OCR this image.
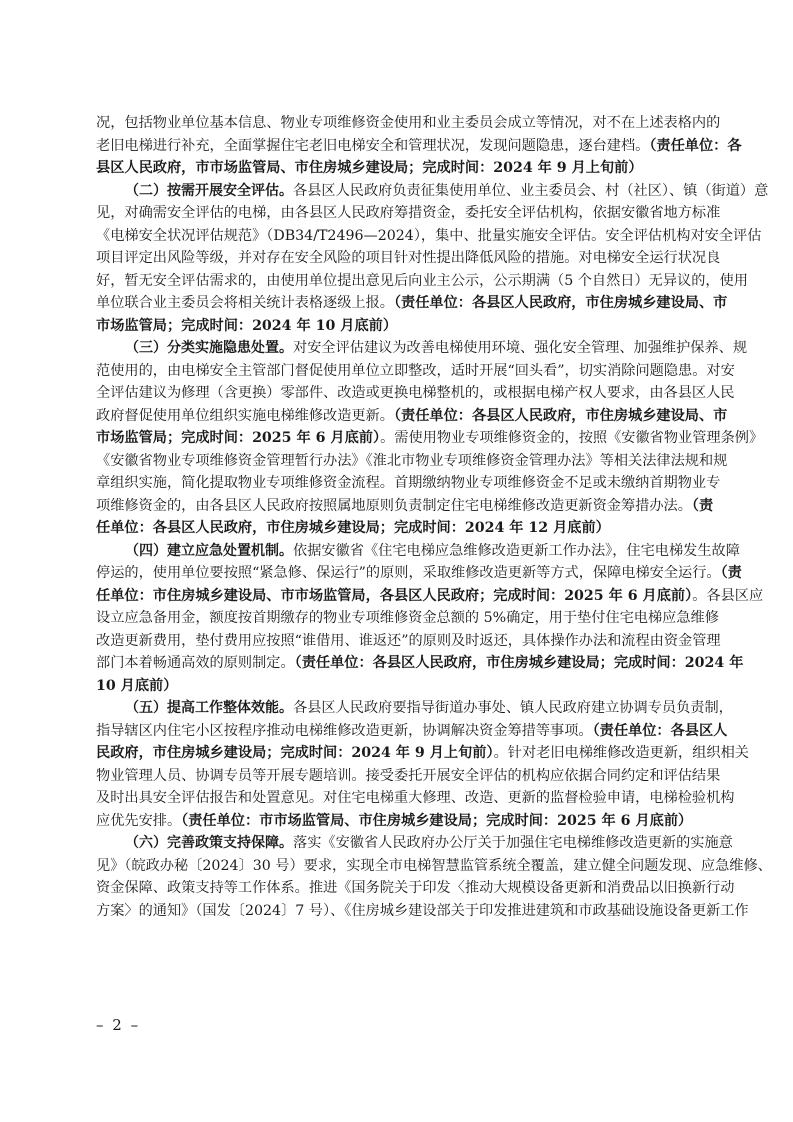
况，包括物业单位基本信息、物业专项维修资金使用和业主委员会成立等情况，对不在上述表格内的
老旧电梯进行补充，全面掌握住宅老旧电梯安全和管理状况，发现问题隐患，逐台建档。（责任单位：各
县区人民政府，市市场监管局、市住房城乡建设局；完成时间：2024 年 9 月上旬前）
（二）按需开展安全评估。各县区人民政府负责征集使用单位、业主委员会、村（社区）、镇（街道）意
见，对确需安全评估的电梯，由各县区人民政府筹措资金，委托安全评估机构，依据安徽省地方标准
《电梯安全状况评估规范》（DB34/T2496—2024），集中、批量实施安全评估。安全评估机构对安全评估
项目评定出风险等级，并对存在安全风险的项目针对性提出降低风险的措施。对电梯安全运行状况良
好，暂无安全评估需求的，由使用单位提出意见后向业主公示，公示期满（5 个自然日）无异议的，使用
单位联合业主委员会将相关统计表格逐级上报。（责任单位：各县区人民政府，市住房城乡建设局、市
市场监管局；完成时间：2024 年 10 月底前）
（三）分类实施隐患处置。对安全评估建议为改善电梯使用环境、强化安全管理、加强维护保养、规
范使用的，由电梯安全主管部门督促使用单位立即整改，适时开展“回头看”，切实消除问题隐患。对安
全评估建议为修理（含更换）零部件、改造或更换电梯整机的，或根据电梯产权人要求，由各县区人民
政府督促使用单位组织实施电梯维修改造更新。（责任单位：各县区人民政府，市住房城乡建设局、市
市场监管局；完成时间：2025 年 6 月底前）。需使用物业专项维修资金的，按照《安徽省物业管理条例》
《安徽省物业专项维修资金管理暂行办法》《淮北市物业专项维修资金管理办法》等相关法律法规和规
章组织实施，简化提取物业专项维修资金流程。首期缴纳物业专项维修资金不足或未缴纳首期物业专
项维修资金的，由各县区人民政府按照属地原则负责制定住宅电梯维修改造更新资金筹措办法。（责
任单位：各县区人民政府，市住房城乡建设局；完成时间：2024 年 12 月底前）
（四）建立应急处置机制。依据安徽省《住宅电梯应急维修改造更新工作办法》，住宅电梯发生故障
停运的，使用单位要按照“紧急修、保运行”的原则，采取维修改造更新等方式，保障电梯安全运行。（责
任单位：市住房城乡建设局、市市场监管局，各县区人民政府；完成时间：2025 年 6 月底前）。各县区应
设立应急备用金，额度按首期缴存的物业专项维修资金总额的 5%确定，用于垫付住宅电梯应急维修
改造更新费用，垫付费用应按照“谁借用、谁返还”的原则及时返还，具体操作办法和流程由资金管理
部门本着畅通高效的原则制定。（责任单位：各县区人民政府，市住房城乡建设局；完成时间：2024 年
10 月底前）
（五）提高工作整体效能。各县区人民政府要指导街道办事处、镇人民政府建立协调专员负责制，
指导辖区内住宅小区按程序推动电梯维修改造更新，协调解决资金筹措等事项。（责任单位：各县区人
民政府，市住房城乡建设局；完成时间：2024 年 9 月上旬前）。针对老旧电梯维修改造更新，组织相关
物业管理人员、协调专员等开展专题培训。接受委托开展安全评估的机构应依据合同约定和评估结果
及时出具安全评估报告和处置意见。对住宅电梯重大修理、改造、更新的监督检验申请，电梯检验机构
应优先安排。（责任单位：市市场监管局、市住房城乡建设局；完成时间：2025 年 6 月底前）
（六）完善政策支持保障。落实《安徽省人民政府办公厅关于加强住宅电梯维修改造更新的实施意
见》（皖政办秘〔2024〕30 号）要求，实现全市电梯智慧监管系统全覆盖，建立健全问题发现、应急维修、
资金保障、政策支持等工作体系。推进《国务院关于印发〈推动大规模设备更新和消费品以旧换新行动
方案〉的通知》（国发〔2024〕7 号）、《住房城乡建设部关于印发推进建筑和市政基础设施设备更新工作
– 2 –
